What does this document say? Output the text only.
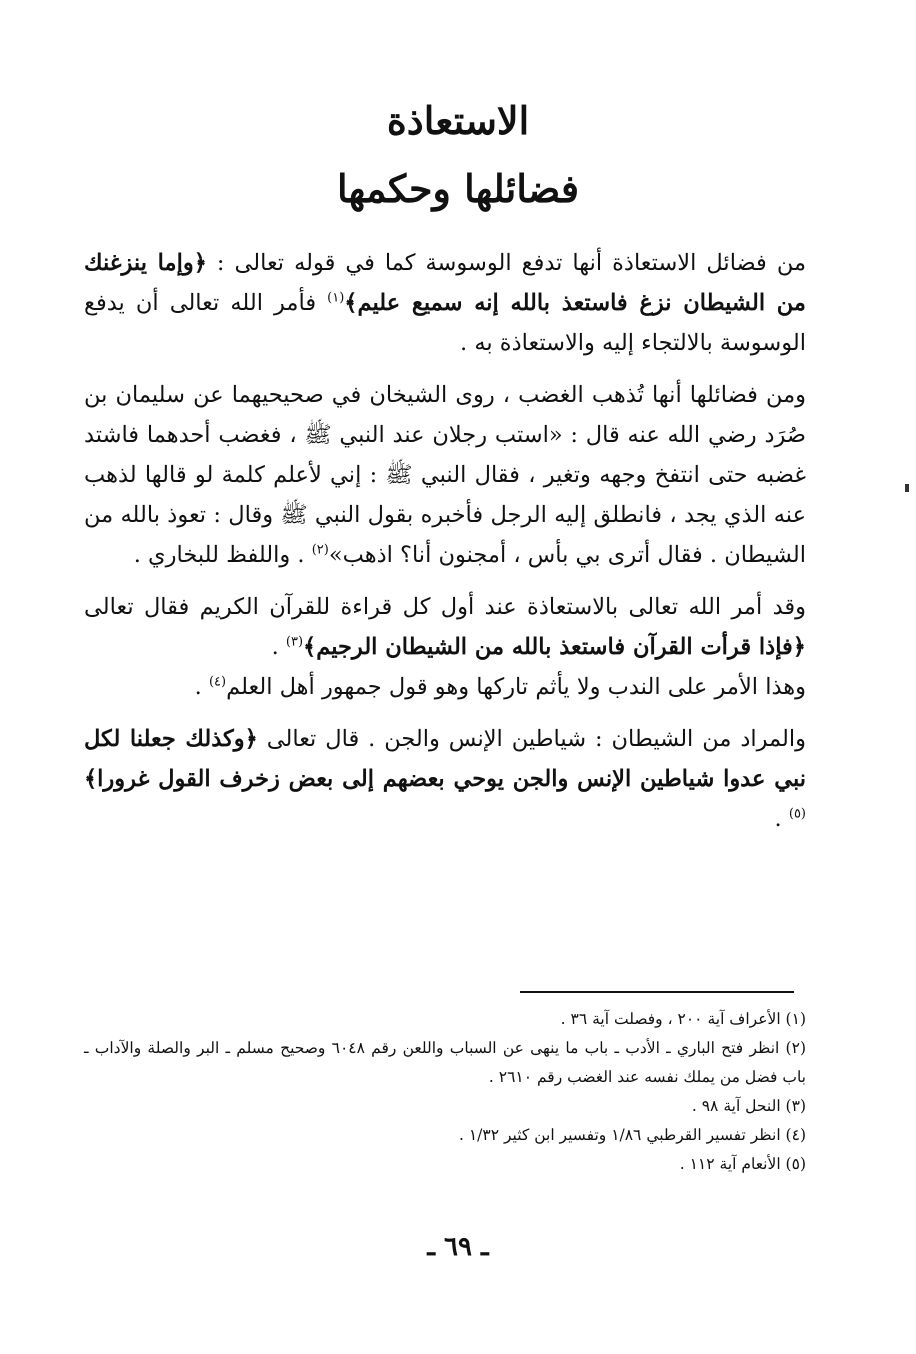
الاستعاذة
فضائلها وحكمها

من فضائل الاستعاذة أنها تدفع الوسوسة كما في قوله تعالى : ﴿وإما ينزغنك من الشيطان نزغ فاستعذ بالله إنه سميع عليم﴾$^{(١)}$ فأمر الله تعالى أن يدفع الوسوسة بالالتجاء إليه والاستعاذة به .

ومن فضائلها أنها تُذهب الغضب ، روى الشيخان في صحيحيهما عن سليمان بن صُرَد رضي الله عنه قال : «استب رجلان عند النبي ﷺ ، فغضب أحدهما فاشتد غضبه حتى انتفخ وجهه وتغير ، فقال النبي ﷺ : إني لأعلم كلمة لو قالها لذهب عنه الذي يجد ، فانطلق إليه الرجل فأخبره بقول النبي ﷺ وقال : تعوذ بالله من الشيطان . فقال أترى بي بأس ، أمجنون أنا؟ اذهب»$^{(٢)}$ . واللفظ للبخاري .

وقد أمر الله تعالى بالاستعاذة عند أول كل قراءة للقرآن الكريم فقال تعالى ﴿فإذا قرأت القرآن فاستعذ بالله من الشيطان الرجيم﴾$^{(٣)}$ .

وهذا الأمر على الندب ولا يأثم تاركها وهو قول جمهور أهل العلم$^{(٤)}$ .

والمراد من الشيطان : شياطين الإنس والجن . قال تعالى ﴿وكذلك جعلنا لكل نبي عدوا شياطين الإنس والجن يوحي بعضهم إلى بعض زخرف القول غرورا﴾$^{(٥)}$ .

(١) الأعراف آية ٢٠٠ ، وفصلت آية ٣٦ .

(٢) انظر فتح الباري ـ الأدب ـ باب ما ينهى عن السباب واللعن رقم ٦٠٤٨ وصحيح مسلم ـ البر والصلة والآداب ـ باب فضل من يملك نفسه عند الغضب رقم ٢٦١٠ .

(٣) النحل آية ٩٨ .

(٤) انظر تفسير القرطبي ١/٨٦ وتفسير ابن كثير ١/٣٢ .

(٥) الأنعام آية ١١٢ .

ـ ٦٩ ـ
